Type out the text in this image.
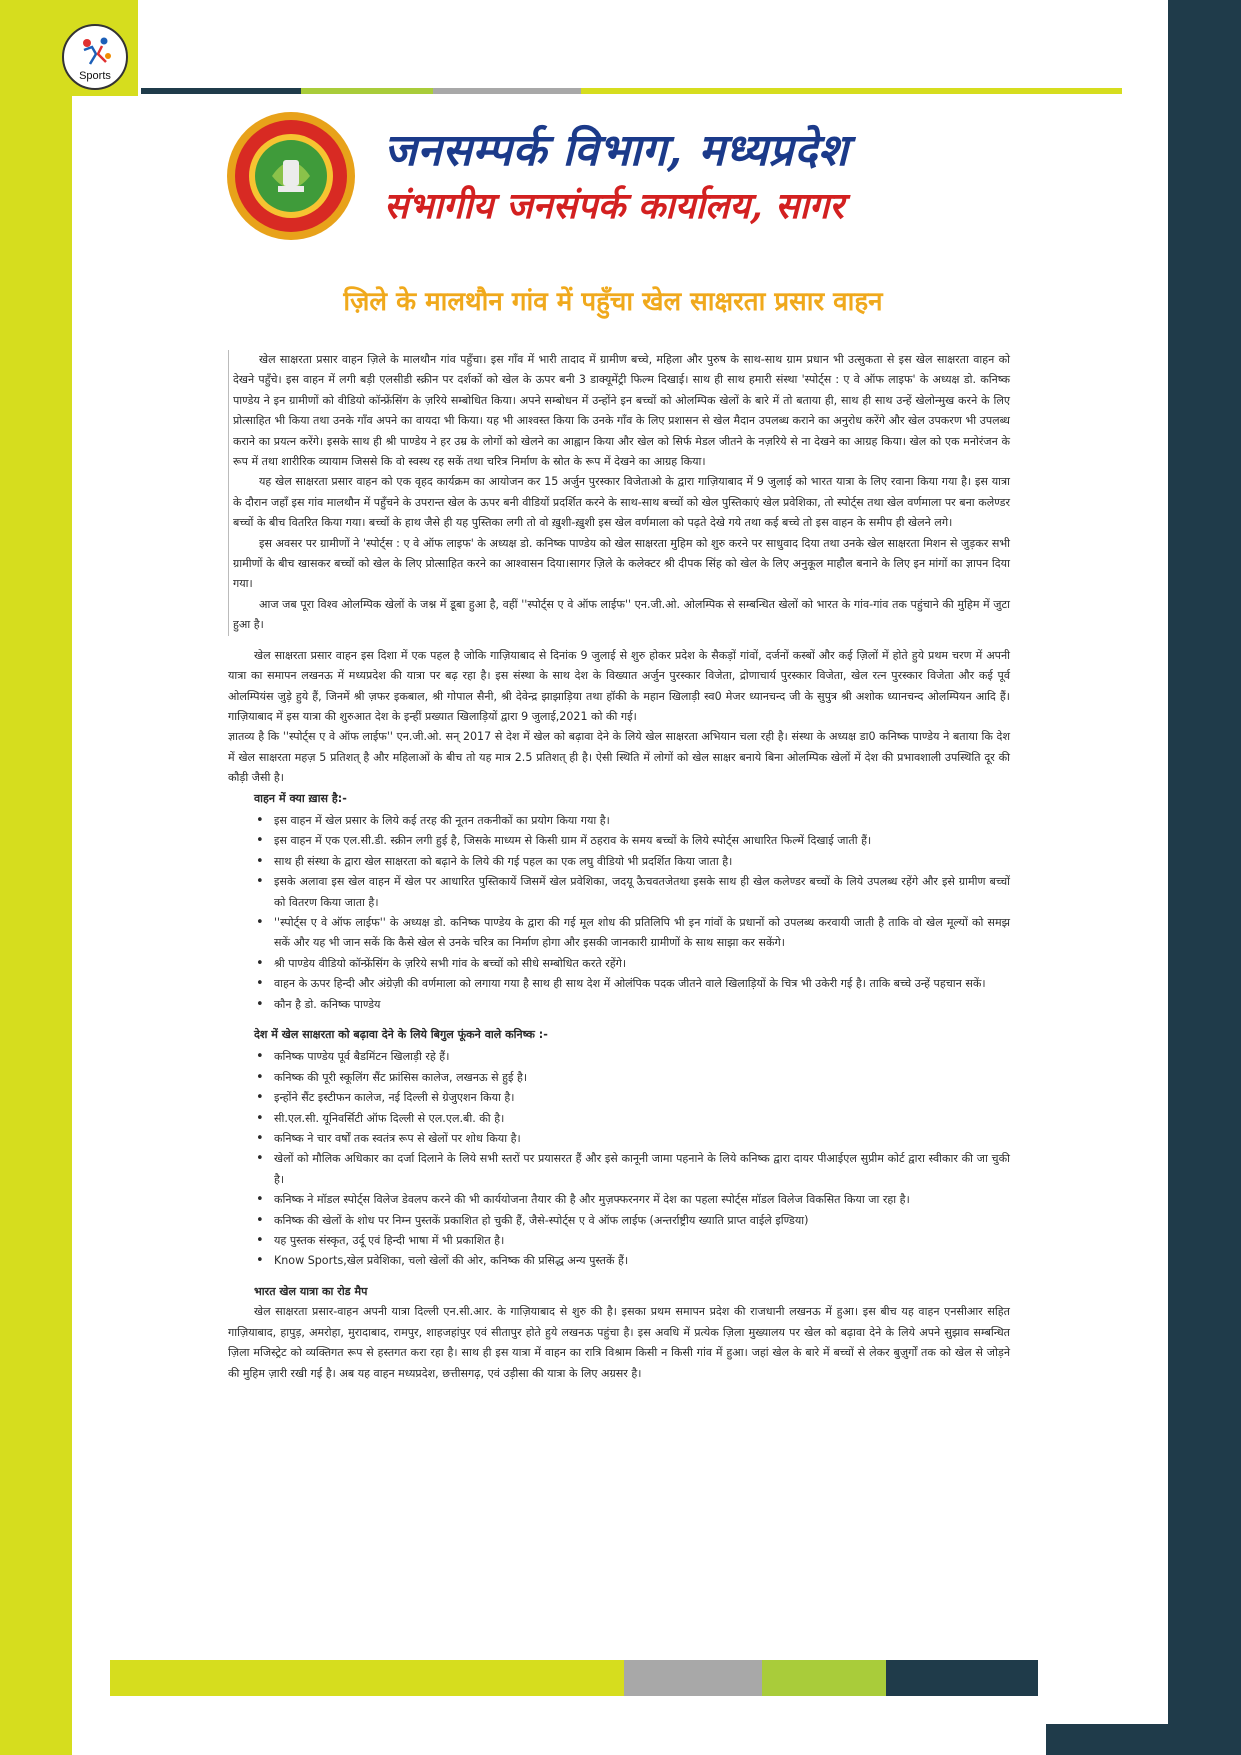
Sports
जनसम्पर्क विभाग, मध्यप्रदेश
संभागीय जनसंपर्क कार्यालय, सागर
ज़िले के मालथौन गांव में पहुँचा खेल साक्षरता प्रसार वाहन

खेल साक्षरता प्रसार वाहन ज़िले के मालथौन गांव पहुँचा। इस गाँव में भारी तादाद में ग्रामीण बच्चे, महिला और पुरुष के साथ-साथ ग्राम प्रधान भी उत्सुकता से इस खेल साक्षरता वाहन को देखने पहुँचे। इस वाहन में लगी बड़ी एलसीडी स्क्रीन पर दर्शकों को खेल के ऊपर बनी 3 डाक्यूमेंट्री फिल्म दिखाई। साथ ही साथ हमारी संस्था 'स्पोर्ट्स : ए वे ऑफ लाइफ' के अध्यक्ष डो. कनिष्क पाण्डेय ने इन ग्रामीणों को वीडियो कॉन्फ्रेंसिंग के ज़रिये सम्बोधित किया। अपने सम्बोधन में उन्होंने इन बच्चों को ओलम्पिक खेलों के बारे में तो बताया ही, साथ ही साथ उन्हें खेलोन्मुख करने के लिए प्रोत्साहित भी किया तथा उनके गाँव अपने का वायदा भी किया। यह भी आश्वस्त किया कि उनके गाँव के लिए प्रशासन से खेल मैदान उपलब्ध कराने का अनुरोध करेंगे और खेल उपकरण भी उपलब्ध कराने का प्रयत्न करेंगे। इसके साथ ही श्री पाण्डेय ने हर उम्र के लोगों को खेलने का आह्वान किया और खेल को सिर्फ मेडल जीतने के नज़रिये से ना देखने का आग्रह किया। खेल को एक मनोरंजन के रूप में तथा शारीरिक व्यायाम जिससे कि वो स्वस्थ रह सकें तथा चरित्र निर्माण के स्रोत के रूप में देखने का आग्रह किया।

यह खेल साक्षरता प्रसार वाहन को एक वृहद कार्यक्रम का आयोजन कर 15 अर्जुन पुरस्कार विजेताओ के द्वारा गाज़ियाबाद में 9 जुलाई को भारत यात्रा के लिए रवाना किया गया है। इस यात्रा के दौरान जहाँ इस गांव मालथौन में पहुँचने के उपरान्त खेल के ऊपर बनी वीडियों प्रदर्शित करने के साथ-साथ बच्चों को खेल पुस्तिकाएं खेल प्रवेशिका, तो स्पोर्ट्स तथा खेल वर्णमाला पर बना कलेण्डर बच्चों के बीच वितरित किया गया। बच्चों के हाथ जैसे ही यह पुस्तिका लगी तो वो ख़ुशी-ख़ुशी इस खेल वर्णमाला को पढ़ते देखे गये तथा कई बच्चे तो इस वाहन के समीप ही खेलने लगे।

इस अवसर पर ग्रामीणों ने 'स्पोर्ट्स : ए वे ऑफ लाइफ' के अध्यक्ष डो. कनिष्क पाण्डेय को खेल साक्षरता मुहिम को शुरु करने पर साधुवाद दिया तथा उनके खेल साक्षरता मिशन से जुड़कर सभी ग्रामीणों के बीच खासकर बच्चों को खेल के लिए प्रोत्साहित करने का आश्वासन दिया।सागर ज़िले के कलेक्टर श्री दीपक सिंह को खेल के लिए अनुकूल माहौल बनाने के लिए इन मांगों का ज्ञापन दिया गया।

आज जब पूरा विश्व ओलम्पिक खेलों के जश्न में डूबा हुआ है, वहीं ''स्पोर्ट्स ए वे ऑफ लाईफ'' एन.जी.ओ. ओलम्पिक से सम्बन्धित खेलों को भारत के गांव-गांव तक पहुंचाने की मुहिम में जुटा हुआ है।

खेल साक्षरता प्रसार वाहन इस दिशा में एक पहल है जोकि गाज़ियाबाद से दिनांक 9 जुलाई से शुरु होकर प्रदेश के सैकड़ों गांवों, दर्जनों कस्बों और कई ज़िलों में होते हुये प्रथम चरण में अपनी यात्रा का समापन लखनऊ में मध्यप्रदेश की यात्रा पर बढ़ रहा है। इस संस्था के साथ देश के विख्यात अर्जुन पुरस्कार विजेता, द्रोणाचार्य पुरस्कार विजेता, खेल रत्न पुरस्कार विजेता और कई पूर्व ओलम्पियंस जुड़े हुये हैं, जिनमें श्री ज़फर इकबाल, श्री गोपाल सैनी, श्री देवेन्द्र झाझाड़िया तथा हॉकी के महान खिलाड़ी स्व0 मेजर ध्यानचन्द जी के सुपुत्र श्री अशोक ध्यानचन्द ओलम्पियन आदि हैं। गाज़ियाबाद में इस यात्रा की शुरुआत देश के इन्हीं प्रख्यात खिलाड़ियों द्वारा 9 जुलाई,2021 को की गई।

ज्ञातव्य है कि ''स्पोर्ट्स ए वे ऑफ लाईफ'' एन.जी.ओ. सन् 2017 से देश में खेल को बढ़ावा देने के लिये खेल साक्षरता अभियान चला रही है। संस्था के अध्यक्ष डा0 कनिष्क पाण्डेय ने बताया कि देश में खेल साक्षरता महज़ 5 प्रतिशत् है और महिलाओं के बीच तो यह मात्र 2.5 प्रतिशत् ही है। ऐसी स्थिति में लोगों को खेल साक्षर बनाये बिना ओलम्पिक खेलों में देश की प्रभावशाली उपस्थिति दूर की कौड़ी जैसी है।

वाहन में क्या ख़ास है:-

• इस वाहन में खेल प्रसार के लिये कई तरह की नूतन तकनीकों का प्रयोग किया गया है।
• इस वाहन में एक एल.सी.डी. स्क्रीन लगी हुई है, जिसके माध्यम से किसी ग्राम में ठहराव के समय बच्चों के लिये स्पोर्ट्स आधारित फिल्में दिखाई जाती हैं।
• साथ ही संस्था के द्वारा खेल साक्षरता को बढ़ाने के लिये की गई पहल का एक लघु वीडियो भी प्रदर्शित किया जाता है।
• इसके अलावा इस खेल वाहन में खेल पर आधारित पुस्तिकायें जिसमें खेल प्रवेशिका, जदयू ऊैचवतजेतथा इसके साथ ही खेल कलेण्डर बच्चों के लिये उपलब्ध रहेंगे और इसे ग्रामीण बच्चों को वितरण किया जाता है।
• ''स्पोर्ट्स ए वे ऑफ लाईफ'' के अध्यक्ष डो. कनिष्क पाण्डेय के द्वारा की गई मूल शोध की प्रतिलिपि भी इन गांवों के प्रधानों को उपलब्ध करवायी जाती है ताकि वो खेल मूल्यों को समझ सकें और यह भी जान सकें कि कैसे खेल से उनके चरित्र का निर्माण होगा और इसकी जानकारी ग्रामीणों के साथ साझा कर सकेंगे।
• श्री पाण्डेय वीडियो कॉन्फ्रेंसिंग के ज़रिये सभी गांव के बच्चों को सीधे सम्बोधित करते रहेंगे।
• वाहन के ऊपर हिन्दी और अंग्रेज़ी की वर्णमाला को लगाया गया है साथ ही साथ देश में ओलंपिक पदक जीतने वाले खिलाड़ियों के चित्र भी उकेरी गई है। ताकि बच्चे उन्हें पहचान सकें।
• कौन है डो. कनिष्क पाण्डेय

देश में खेल साक्षरता को बढ़ावा देने के लिये बिगुल फूंकने वाले कनिष्क :-

• कनिष्क पाण्डेय पूर्व बैडमिंटन खिलाड़ी रहे हैं।
• कनिष्क की पूरी स्कूलिंग सैंट फ्रांसिस कालेज, लखनऊ से हुई है।
• इन्होंने सैंट इस्टीफन कालेज, नई दिल्ली से ग्रेजुएशन किया है।
• सी.एल.सी. यूनिवर्सिटी ऑफ दिल्ली से एल.एल.बी. की है।
• कनिष्क ने चार वर्षों तक स्वतंत्र रूप से खेलों पर शोध किया है।
• खेलों को मौलिक अधिकार का दर्जा दिलाने के लिये सभी स्तरों पर प्रयासरत हैं और इसे कानूनी जामा पहनाने के लिये कनिष्क द्वारा दायर पीआईएल सुप्रीम कोर्ट द्वारा स्वीकार की जा चुकी है।
• कनिष्क ने मॉडल स्पोर्ट्स विलेज डेवलप करने की भी कार्ययोजना तैयार की है और मुज़फ्फरनगर में देश का पहला स्पोर्ट्स मॉडल विलेज विकसित किया जा रहा है।
• कनिष्क की खेलों के शोध पर निम्न पुस्तकें प्रकाशित हो चुकी हैं, जैसे-स्पोर्ट्स ए वे ऑफ लाईफ (अन्तर्राष्ट्रीय ख्याति प्राप्त वाईले इण्डिया)
• यह पुस्तक संस्कृत, उर्दू एवं हिन्दी भाषा में भी प्रकाशित है।
• Know Sports,खेल प्रवेशिका, चलो खेलों की ओर, कनिष्क की प्रसिद्ध अन्य पुस्तकें हैं।

भारत खेल यात्रा का रोड मैप

खेल साक्षरता प्रसार-वाहन अपनी यात्रा दिल्ली एन.सी.आर. के गाज़ियाबाद से शुरु की है। इसका प्रथम समापन प्रदेश की राजधानी लखनऊ में हुआ। इस बीच यह वाहन एनसीआर सहित गाज़ियाबाद, हापुड़, अमरोहा, मुरादाबाद, रामपुर, शाहजहांपुर एवं सीतापुर होते हुये लखनऊ पहुंचा है। इस अवधि में प्रत्येक ज़िला मुख्यालय पर खेल को बढ़ावा देने के लिये अपने सुझाव सम्बन्धित ज़िला मजिस्ट्रेट को व्यक्तिगत रूप से हस्तगत करा रहा है। साथ ही इस यात्रा में वाहन का रात्रि विश्राम किसी न किसी गांव में हुआ। जहां खेल के बारे में बच्चों से लेकर बुज़ुर्गों तक को खेल से जोड़ने की मुहिम ज़ारी रखी गई है। अब यह वाहन मध्यप्रदेश, छत्तीसगढ़, एवं उड़ीसा की यात्रा के लिए अग्रसर है।
